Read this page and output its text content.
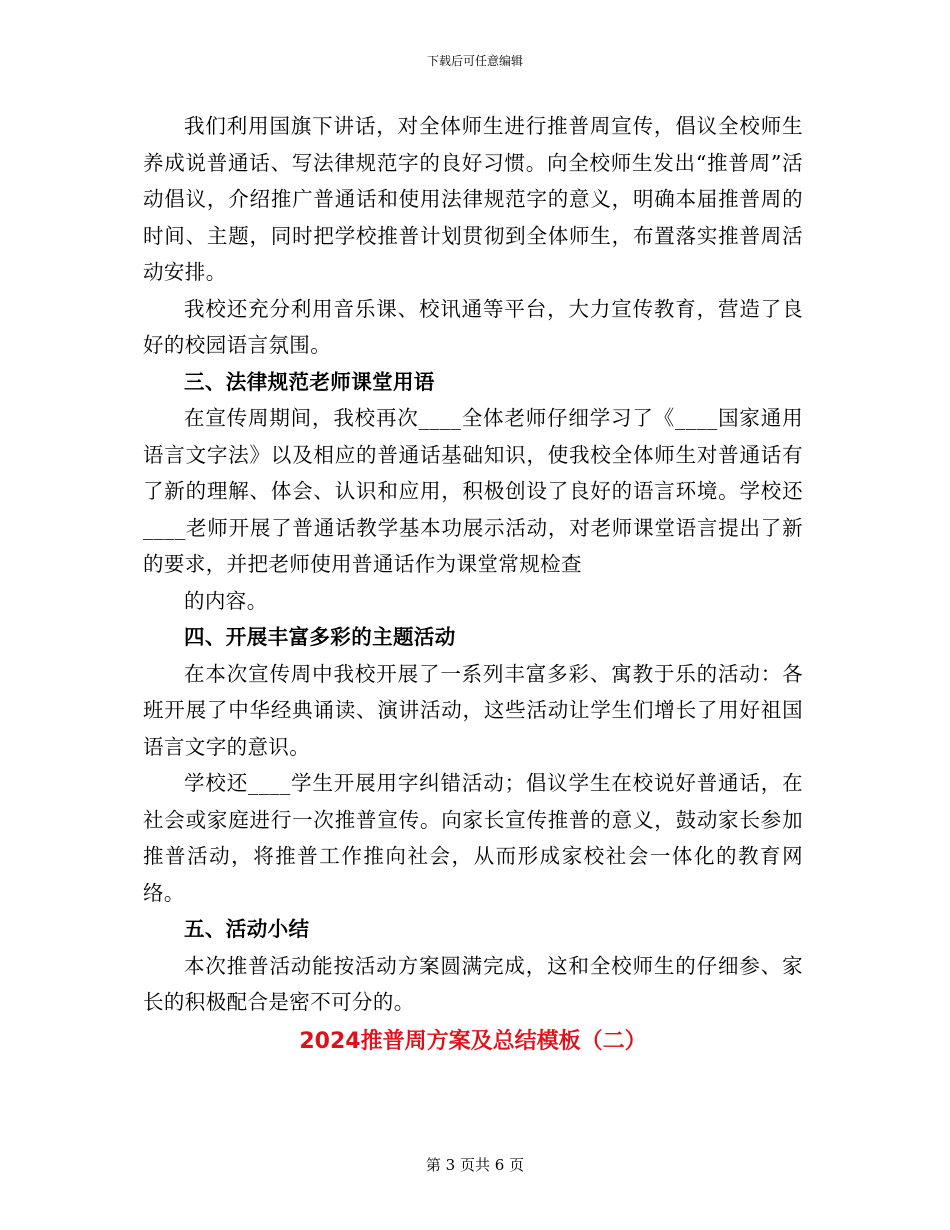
下载后可任意编辑

我们利用国旗下讲话，对全体师生进行推普周宣传，倡议全校师生养成说普通话、写法律规范字的良好习惯。向全校师生发出“推普周”活动倡议，介绍推广普通话和使用法律规范字的意义，明确本届推普周的时间、主题，同时把学校推普计划贯彻到全体师生，布置落实推普周活动安排。

我校还充分利用音乐课、校讯通等平台，大力宣传教育，营造了良好的校园语言氛围。

三、法律规范老师课堂用语

在宣传周期间，我校再次____全体老师仔细学习了《____国家通用语言文字法》以及相应的普通话基础知识，使我校全体师生对普通话有了新的理解、体会、认识和应用，积极创设了良好的语言环境。学校还____老师开展了普通话教学基本功展示活动，对老师课堂语言提出了新的要求，并把老师使用普通话作为课堂常规检查

的内容。

四、开展丰富多彩的主题活动

在本次宣传周中我校开展了一系列丰富多彩、寓教于乐的活动：各班开展了中华经典诵读、演讲活动，这些活动让学生们增长了用好祖国语言文字的意识。

学校还____学生开展用字纠错活动；倡议学生在校说好普通话，在社会或家庭进行一次推普宣传。向家长宣传推普的意义，鼓动家长参加推普活动，将推普工作推向社会，从而形成家校社会一体化的教育网络。

五、活动小结

本次推普活动能按活动方案圆满完成，这和全校师生的仔细参、家长的积极配合是密不可分的。

2024推普周方案及总结模板（二）

第 3 页共 6 页
